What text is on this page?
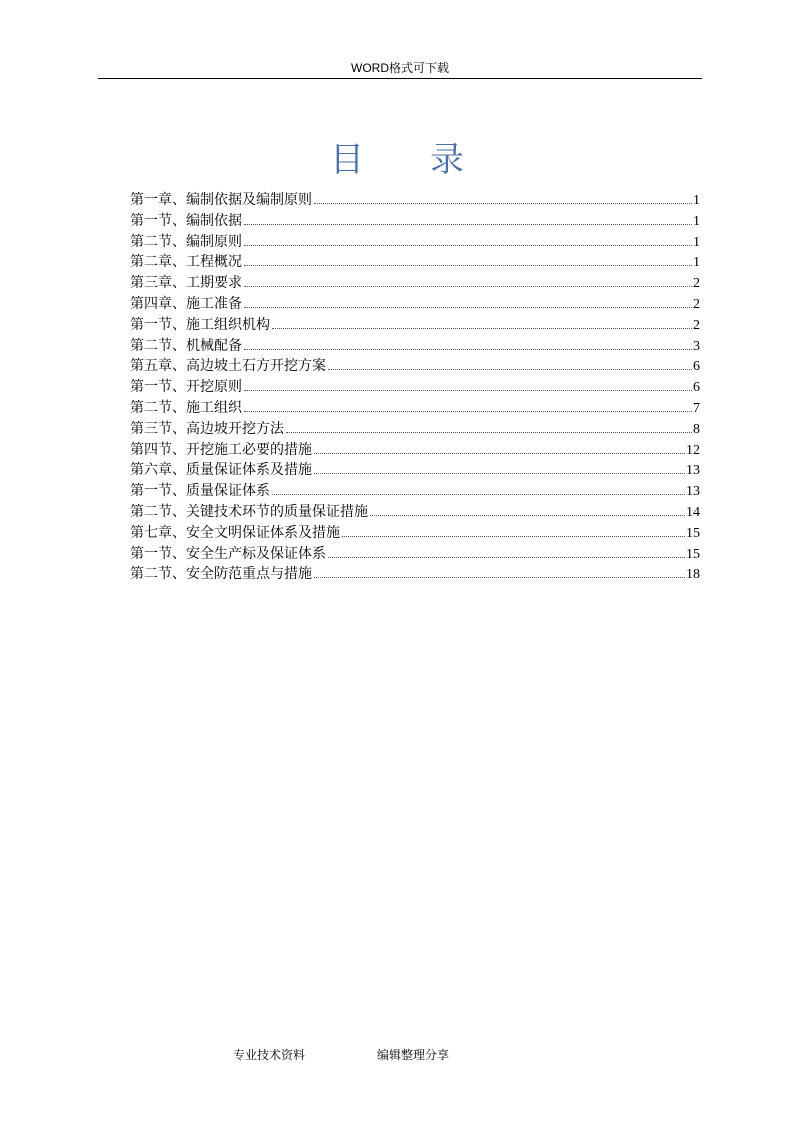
WORD格式可下载
目 录
第一章、编制依据及编制原则	1
第一节、编制依据	1
第二节、编制原则	1
第二章、工程概况	1
第三章、工期要求	2
第四章、施工准备	2
第一节、施工组织机构	2
第二节、机械配备	3
第五章、高边坡土石方开挖方案	6
第一节、开挖原则	6
第二节、施工组织	7
第三节、高边坡开挖方法	8
第四节、开挖施工必要的措施	12
第六章、质量保证体系及措施	13
第一节、质量保证体系	13
第二节、关键技术环节的质量保证措施	14
第七章、安全文明保证体系及措施	15
第一节、安全生产标及保证体系	15
第二节、安全防范重点与措施	18
专业技术资料	编辑整理分享
